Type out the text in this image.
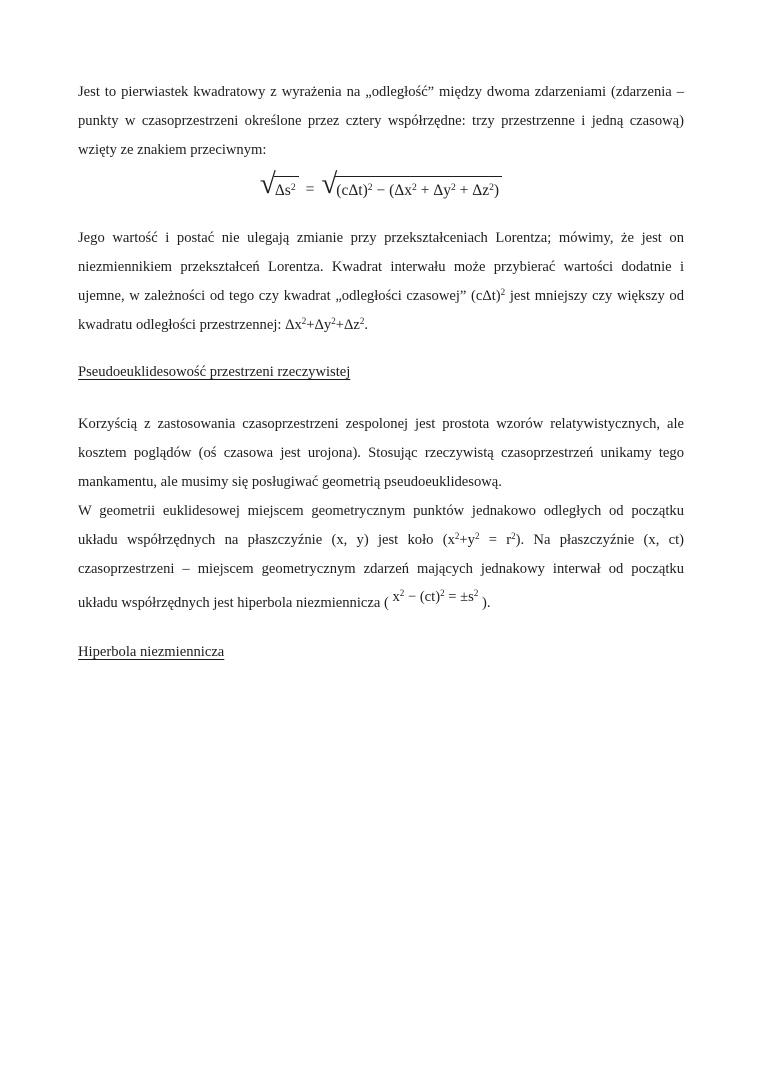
Jest to pierwiastek kwadratowy z wyrażenia na „odległość” między dwoma zdarzeniami (zdarzenia –
punkty w czasoprzestrzeni określone przez cztery współrzędne: trzy przestrzenne i jedną czasową)
wzięty ze znakiem przeciwnym:
√ $\Delta s^2$ = √ $(c\Delta t)^2 - (\Delta x^2 + \Delta y^2 + \Delta z^2)$
Jego wartość i postać nie ulegają zmianie przy przekształceniach Lorentza; mówimy, że jest on
niezmiennikiem przekształceń Lorentza. Kwadrat interwału może przybierać wartości dodatnie i
ujemne, w zależności od tego czy kwadrat „odległości czasowej” $(c\Delta t)^2$ jest mniejszy czy większy od
kwadratu odległości przestrzennej: $\Delta x^2+\Delta y^2+\Delta z^2$.
Pseudoeuklidesowość przestrzeni rzeczywistej
Korzyścią z zastosowania czasoprzestrzeni zespolonej jest prostota wzorów relatywistycznych, ale
kosztem poglądów (oś czasowa jest urojona). Stosując rzeczywistą czasoprzestrzeń unikamy tego
mankamentu, ale musimy się posługiwać geometrią pseudoeuklidesową.
W geometrii euklidesowej miejscem geometrycznym punktów jednakowo odległych od początku
układu współrzędnych na płaszczyźnie (x, y) jest koło $(x^2+y^2 = r^2)$. Na płaszczyźnie (x, ct)
czasoprzestrzeni – miejscem geometrycznym zdarzeń mających jednakowy interwał od początku
układu współrzędnych jest hiperbola niezmiennicza ( $x^2 - (ct)^2 = \pm s^2$ ).
Hiperbola niezmiennicza
